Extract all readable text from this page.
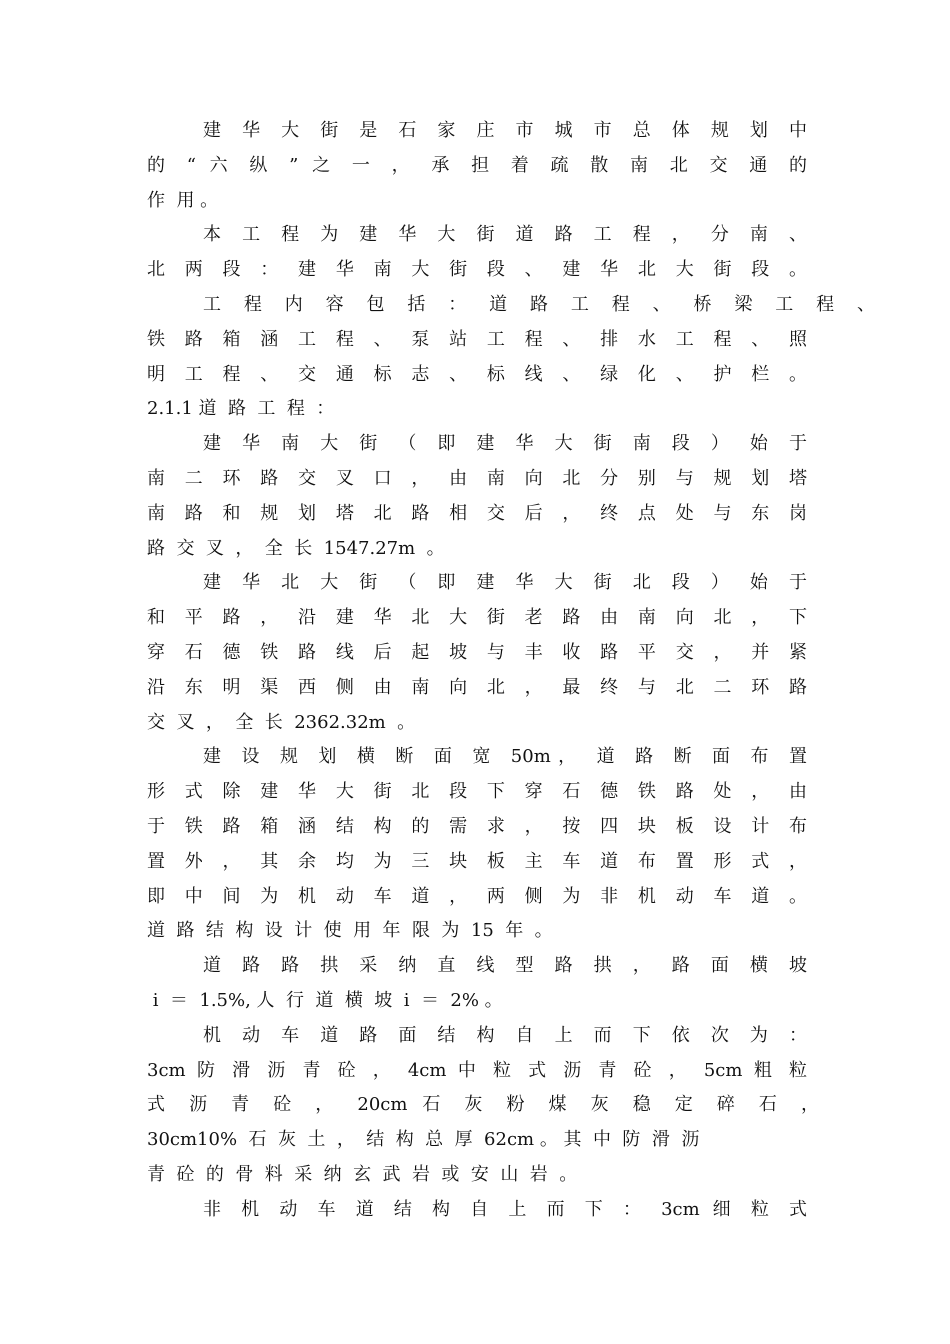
建 华 大 街 是 石 家 庄 市 城 市 总 体 规 划 中
的 “ 六 纵 ” 之 一 ， 承 担 着 疏 散 南 北 交 通 的
作  用 。
本 工 程 为 建 华 大 街 道 路 工 程 ， 分 南 、
北 两 段 ： 建 华 南 大 街 段 、 建 华 北 大 街 段 。
工 程 内 容 包 括 ： 道 路 工 程 、 桥 梁 工 程 、
铁 路 箱 涵 工 程 、 泵 站 工 程 、 排 水 工 程 、 照
明 工 程 、 交 通 标 志 、 标 线 、 绿 化 、 护 栏 。
2.1.1 道  路  工  程  ：
建 华 南 大 街 （ 即 建 华 大 街 南 段 ） 始 于
南 二 环 路 交 叉 口 ， 由 南 向 北 分 别 与 规 划 塔
南 路 和 规 划 塔 北 路 相 交 后 ， 终 点 处 与 东 岗
路  交  叉  ，  全  长  1547.27m  。
建 华 北 大 街 （ 即 建 华 大 街 北 段 ） 始 于
和 平 路 ， 沿 建 华 北 大 街 老 路 由 南 向 北 ， 下
穿 石 德 铁 路 线 后 起 坡 与 丰 收 路 平 交 ， 并 紧
沿 东 明 渠 西 侧 由 南 向 北 ， 最 终 与 北 二 环 路
交  叉  ，  全  长  2362.32m  。
建 设 规 划 横 断 面 宽 50m， 道 路 断 面 布 置
形 式 除 建 华 大 街 北 段 下 穿 石 德 铁 路 处 ， 由
于 铁 路 箱 涵 结 构 的 需 求 ， 按 四 块 板 设 计 布
置 外 ， 其 余 均 为 三 块 板 主 车 道 布 置 形 式 ，
即 中 间 为 机 动 车 道 ， 两 侧 为 非 机 动 车 道 。
道  路  结  构  设  计  使  用  年  限  为  15  年  。
道 路 路 拱 采 纳 直 线 型 路 拱 ， 路 面 横 坡
i  ＝  1.5%, 人  行  道  横  坡  i  ＝  2% 。
机 动 车 道 路 面 结 构 自 上 而 下 依 次 为 ：
3cm 防 滑 沥 青 砼 ， 4cm 中 粒 式 沥 青 砼 ， 5cm 粗 粒
式 沥 青 砼 ， 20cm 石 灰 粉 煤 灰 稳 定 碎 石 ，
30cm10%  石  灰  土  ，  结  构  总  厚  62cm 。 其  中  防  滑  沥
青  砼  的  骨  料  采  纳  玄  武  岩  或  安  山  岩  。
非 机 动 车 道 结 构 自 上 而 下 ： 3cm 细 粒 式
